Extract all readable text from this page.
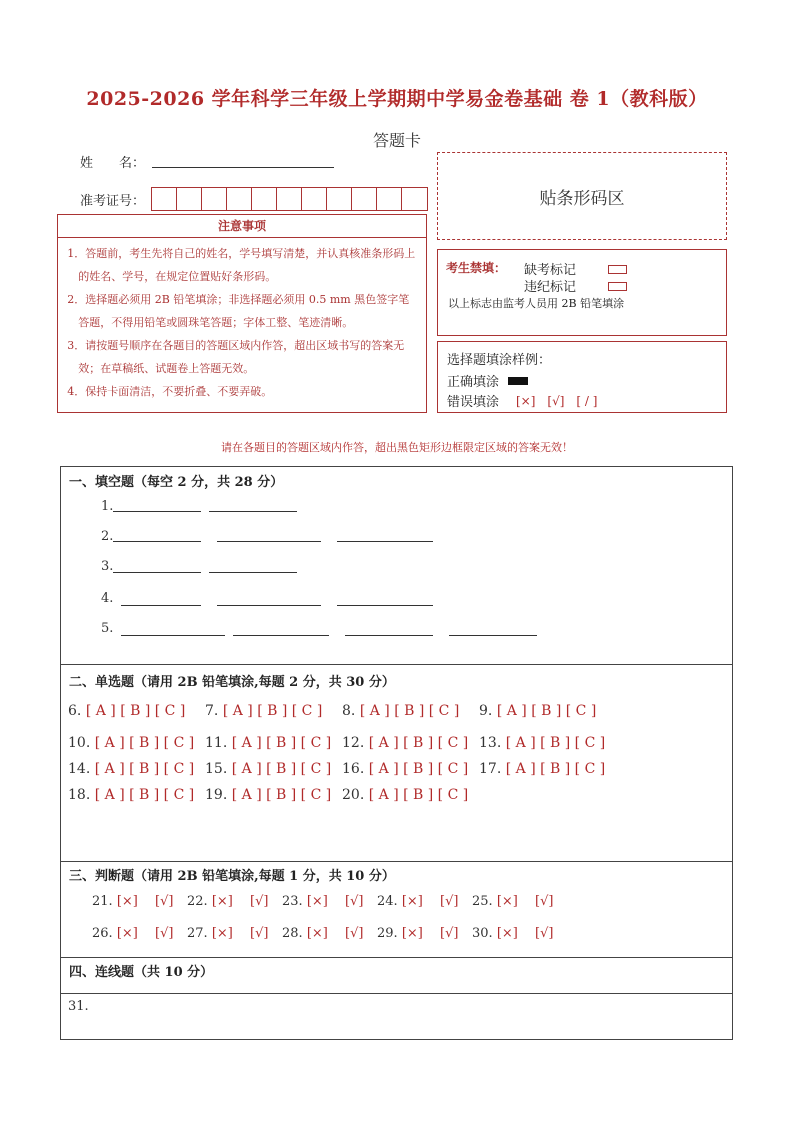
2025-2026 学年科学三年级上学期期中学易金卷基础 卷 1（教科版）
答题卡
姓　　名：
准考证号：	贴条形码区
注意事项
1．答题前，考生先将自己的姓名，学号填写清楚，并认真核准条形码上的姓名、学号，在规定位置贴好条形码。
2．选择题必须用 2B 铅笔填涂；非选择题必须用 0.5 mm 黑色签字笔答题，不得用铅笔或圆珠笔答题；字体工整、笔迹清晰。
3．请按题号顺序在各题目的答题区域内作答，超出区域书写的答案无效；在草稿纸、试题卷上答题无效。
4．保持卡面清洁，不要折叠、不要弄破。
考生禁填： 缺考标记
违纪标记
以上标志由监考人员用 2B 铅笔填涂
选择题填涂样例：
正确填涂
错误填涂 [×]　[√]　[ / ]
请在各题目的答题区域内作答，超出黑色矩形边框限定区域的答案无效！
一、填空题（每空 2 分，共 28 分）
1.
2.
3.
4.
5.
二、单选题（请用 2B 铅笔填涂,每题 2 分，共 30 分）
6. [ A ] [ B ] [ C ] 7. [ A ] [ B ] [ C ] 8. [ A ] [ B ] [ C ] 9. [ A ] [ B ] [ C ]
10. [ A ] [ B ] [ C ] 11. [ A ] [ B ] [ C ] 12. [ A ] [ B ] [ C ] 13. [ A ] [ B ] [ C ]
14. [ A ] [ B ] [ C ] 15. [ A ] [ B ] [ C ] 16. [ A ] [ B ] [ C ] 17. [ A ] [ B ] [ C ]
18. [ A ] [ B ] [ C ] 19. [ A ] [ B ] [ C ] 20. [ A ] [ B ] [ C ]
三、判断题（请用 2B 铅笔填涂,每题 1 分，共 10 分）
21. [×]　 [√] 22. [×]　 [√] 23. [×]　 [√] 24. [×]　 [√] 25. [×]　 [√]
26. [×]　 [√] 27. [×]　 [√] 28. [×]　 [√] 29. [×]　 [√] 30. [×]　 [√]
四、连线题（共 10 分）
31.
